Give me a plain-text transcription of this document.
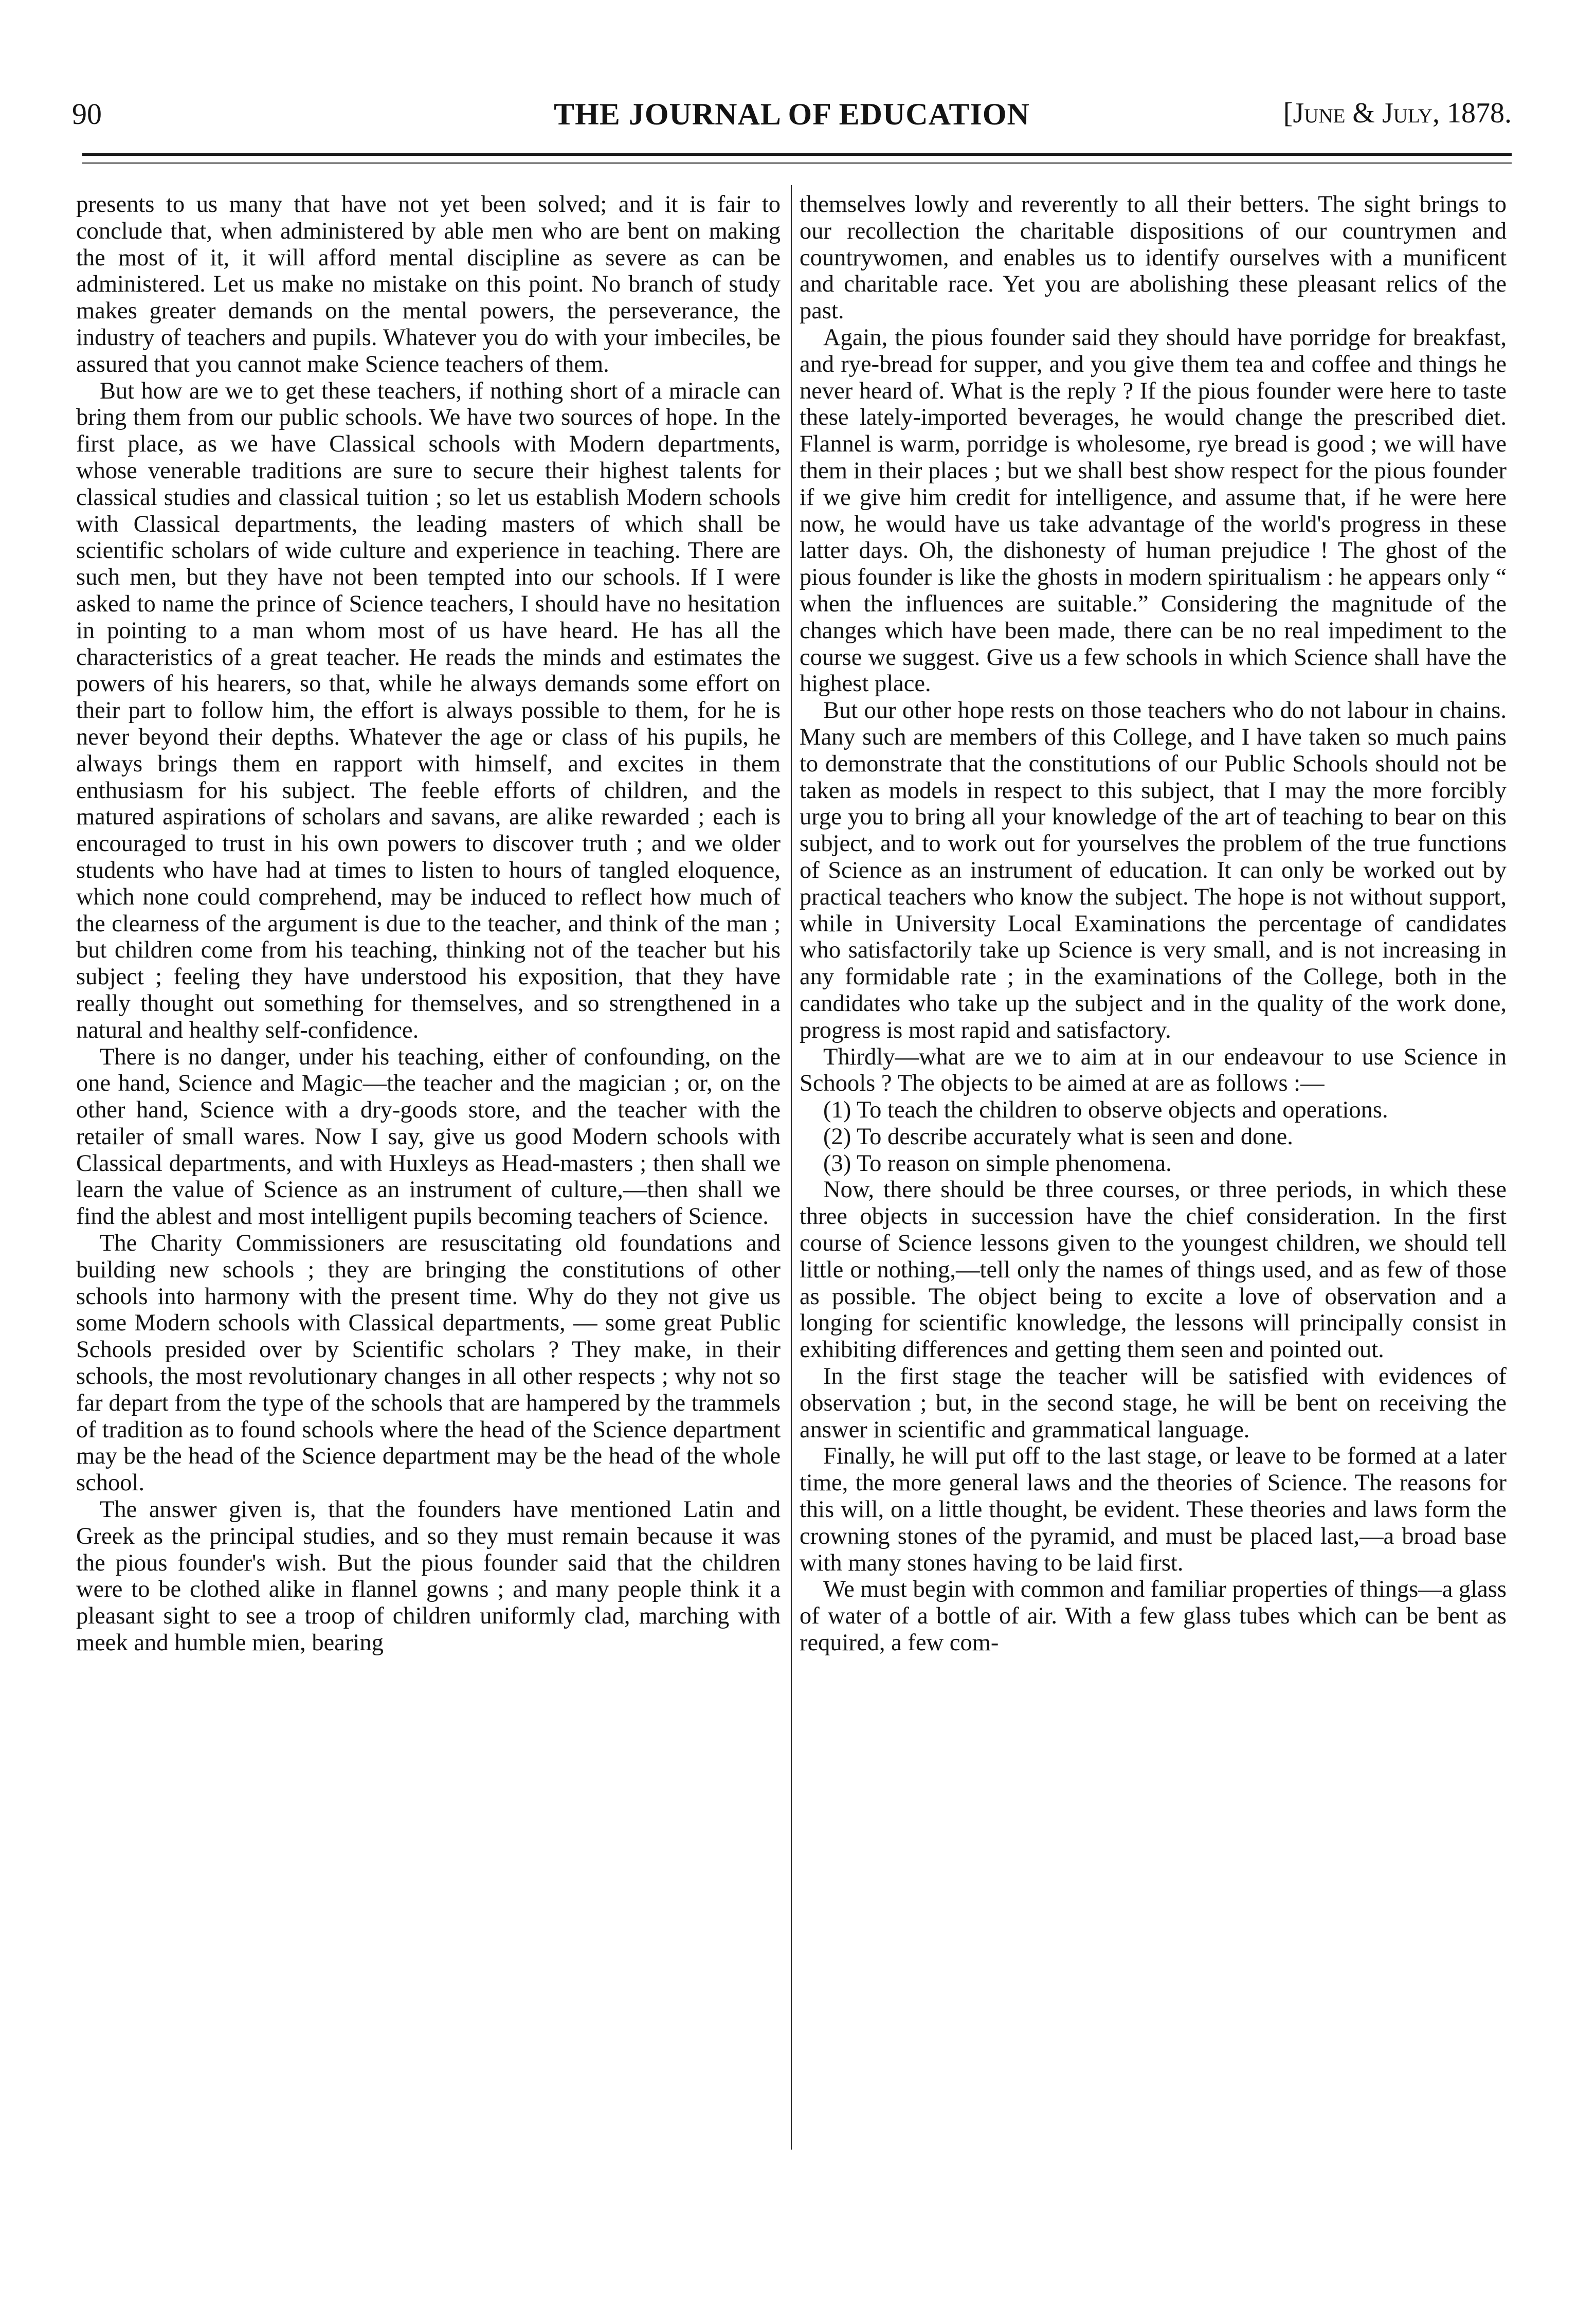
90	THE JOURNAL OF EDUCATION	[June & July, 1878.

presents to us many that have not yet been solved; and it is fair to conclude that, when administered by able men who are bent on making the most of it, it will afford mental discipline as severe as can be administered. Let us make no mistake on this point. No branch of study makes greater demands on the mental powers, the perseverance, the industry of teachers and pupils. Whatever you do with your imbeciles, be assured that you cannot make Science teachers of them.

But how are we to get these teachers, if nothing short of a miracle can bring them from our public schools. We have two sources of hope. In the first place, as we have Classical schools with Modern departments, whose venerable traditions are sure to secure their highest talents for classical studies and classical tuition ; so let us establish Modern schools with Classical departments, the leading masters of which shall be scientific scholars of wide culture and experience in teaching. There are such men, but they have not been tempted into our schools. If I were asked to name the prince of Science teachers, I should have no hesitation in pointing to a man whom most of us have heard. He has all the characteristics of a great teacher. He reads the minds and estimates the powers of his hearers, so that, while he always demands some effort on their part to follow him, the effort is always possible to them, for he is never beyond their depths. Whatever the age or class of his pupils, he always brings them en rapport with himself, and excites in them enthusiasm for his subject. The feeble efforts of children, and the matured aspirations of scholars and savans, are alike rewarded ; each is encouraged to trust in his own powers to discover truth ; and we older students who have had at times to listen to hours of tangled eloquence, which none could comprehend, may be induced to reflect how much of the clearness of the argument is due to the teacher, and think of the man ; but children come from his teaching, thinking not of the teacher but his subject ; feeling they have understood his exposition, that they have really thought out something for themselves, and so strengthened in a natural and healthy self-confidence.

There is no danger, under his teaching, either of confounding, on the one hand, Science and Magic—the teacher and the magician ; or, on the other hand, Science with a dry-goods store, and the teacher with the retailer of small wares. Now I say, give us good Modern schools with Classical departments, and with Huxleys as Head-masters ; then shall we learn the value of Science as an instrument of culture,—then shall we find the ablest and most intelligent pupils becoming teachers of Science.

The Charity Commissioners are resuscitating old foundations and building new schools ; they are bringing the constitutions of other schools into harmony with the present time. Why do they not give us some Modern schools with Classical departments, — some great Public Schools presided over by Scientific scholars ? They make, in their schools, the most revolutionary changes in all other respects ; why not so far depart from the type of the schools that are hampered by the trammels of tradition as to found schools where the head of the Science department may be the head of the Science department may be the head of the whole school.

The answer given is, that the founders have mentioned Latin and Greek as the principal studies, and so they must remain because it was the pious founder's wish. But the pious founder said that the children were to be clothed alike in flannel gowns ; and many people think it a pleasant sight to see a troop of children uniformly clad, marching with meek and humble mien, bearing

themselves lowly and reverently to all their betters. The sight brings to our recollection the charitable dispositions of our countrymen and countrywomen, and enables us to identify ourselves with a munificent and charitable race. Yet you are abolishing these pleasant relics of the past.

Again, the pious founder said they should have porridge for breakfast, and rye-bread for supper, and you give them tea and coffee and things he never heard of. What is the reply ? If the pious founder were here to taste these lately-imported beverages, he would change the prescribed diet. Flannel is warm, porridge is wholesome, rye bread is good ; we will have them in their places ; but we shall best show respect for the pious founder if we give him credit for intelligence, and assume that, if he were here now, he would have us take advantage of the world's progress in these latter days. Oh, the dishonesty of human prejudice ! The ghost of the pious founder is like the ghosts in modern spiritualism : he appears only “ when the influences are suitable.” Considering the magnitude of the changes which have been made, there can be no real impediment to the course we suggest. Give us a few schools in which Science shall have the highest place.

But our other hope rests on those teachers who do not labour in chains. Many such are members of this College, and I have taken so much pains to demonstrate that the constitutions of our Public Schools should not be taken as models in respect to this subject, that I may the more forcibly urge you to bring all your knowledge of the art of teaching to bear on this subject, and to work out for yourselves the problem of the true functions of Science as an instrument of education. It can only be worked out by practical teachers who know the subject. The hope is not without support, while in University Local Examinations the percentage of candidates who satisfactorily take up Science is very small, and is not increasing in any formidable rate ; in the examinations of the College, both in the candidates who take up the subject and in the quality of the work done, progress is most rapid and satisfactory.

Thirdly—what are we to aim at in our endeavour to use Science in Schools ? The objects to be aimed at are as follows :—

(1) To teach the children to observe objects and operations.

(2) To describe accurately what is seen and done.

(3) To reason on simple phenomena.

Now, there should be three courses, or three periods, in which these three objects in succession have the chief consideration. In the first course of Science lessons given to the youngest children, we should tell little or nothing,—tell only the names of things used, and as few of those as possible. The object being to excite a love of observation and a longing for scientific knowledge, the lessons will principally consist in exhibiting differences and getting them seen and pointed out.

In the first stage the teacher will be satisfied with evidences of observation ; but, in the second stage, he will be bent on receiving the answer in scientific and grammatical language.

Finally, he will put off to the last stage, or leave to be formed at a later time, the more general laws and the theories of Science. The reasons for this will, on a little thought, be evident. These theories and laws form the crowning stones of the pyramid, and must be placed last,—a broad base with many stones having to be laid first.

We must begin with common and familiar properties of things—a glass of water of a bottle of air. With a few glass tubes which can be bent as required, a few com-
